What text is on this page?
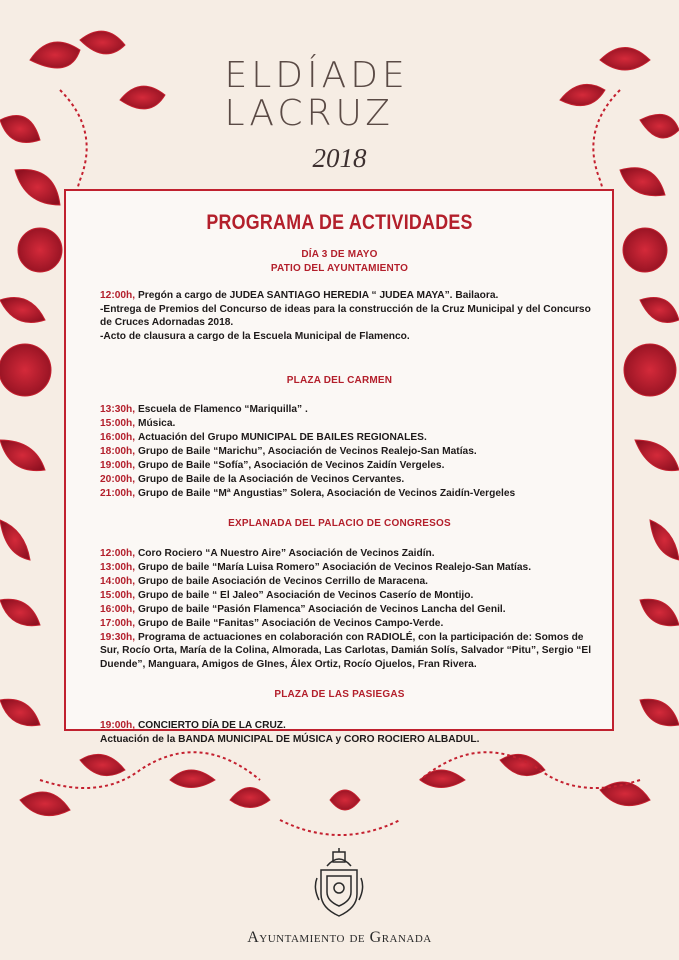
ELDÍADE
LACRUZ
2018
PROGRAMA DE ACTIVIDADES
DÍA 3 DE MAYO
PATIO DEL AYUNTAMIENTO
12:00h, Pregón a cargo de JUDEA SANTIAGO HEREDIA “ JUDEA MAYA”. Bailaora.
-Entrega de Premios del Concurso de ideas para la construcción de la Cruz Municipal y del Concurso de Cruces Adornadas 2018.
-Acto de clausura a cargo de la Escuela Municipal de Flamenco.
PLAZA DEL CARMEN
13:30h, Escuela de Flamenco “Mariquilla” .
15:00h, Música.
16:00h, Actuación del Grupo MUNICIPAL DE BAILES REGIONALES.
18:00h, Grupo de Baile “Marichu”, Asociación de Vecinos Realejo-San Matías.
19:00h, Grupo de Baile “Sofía”, Asociación de Vecinos Zaidín Vergeles.
20:00h, Grupo de Baile de la Asociación de Vecinos Cervantes.
21:00h, Grupo de Baile “Mª Angustias” Solera, Asociación de Vecinos Zaidín-Vergeles
EXPLANADA DEL PALACIO DE CONGRESOS
12:00h, Coro Rociero “A Nuestro Aire” Asociación de Vecinos Zaidín.
13:00h, Grupo de baile “María Luisa Romero” Asociación de Vecinos Realejo-San Matías.
14:00h, Grupo de baile Asociación de Vecinos Cerrillo de Maracena.
15:00h, Grupo de baile “ El Jaleo” Asociación de Vecinos Caserío de Montijo.
16:00h, Grupo de baile “Pasión Flamenca” Asociación de Vecinos Lancha del Genil.
17:00h, Grupo de Baile “Fanitas” Asociación de Vecinos Campo-Verde.
19:30h, Programa de actuaciones en colaboración con RADIOLÉ, con la participación de: Somos de Sur, Rocío Orta, María de la Colina, Almorada, Las Carlotas, Damián Solís, Salvador “Pitu”, Sergio “El Duende”, Manguara, Amigos de GInes, Álex Ortiz, Rocío Ojuelos, Fran Rivera.
PLAZA DE LAS PASIEGAS
19:00h, CONCIERTO DÍA DE LA CRUZ.
Actuación de la BANDA MUNICIPAL DE MÚSICA y CORO ROCIERO ALBADUL.
Ayuntamiento de Granada
